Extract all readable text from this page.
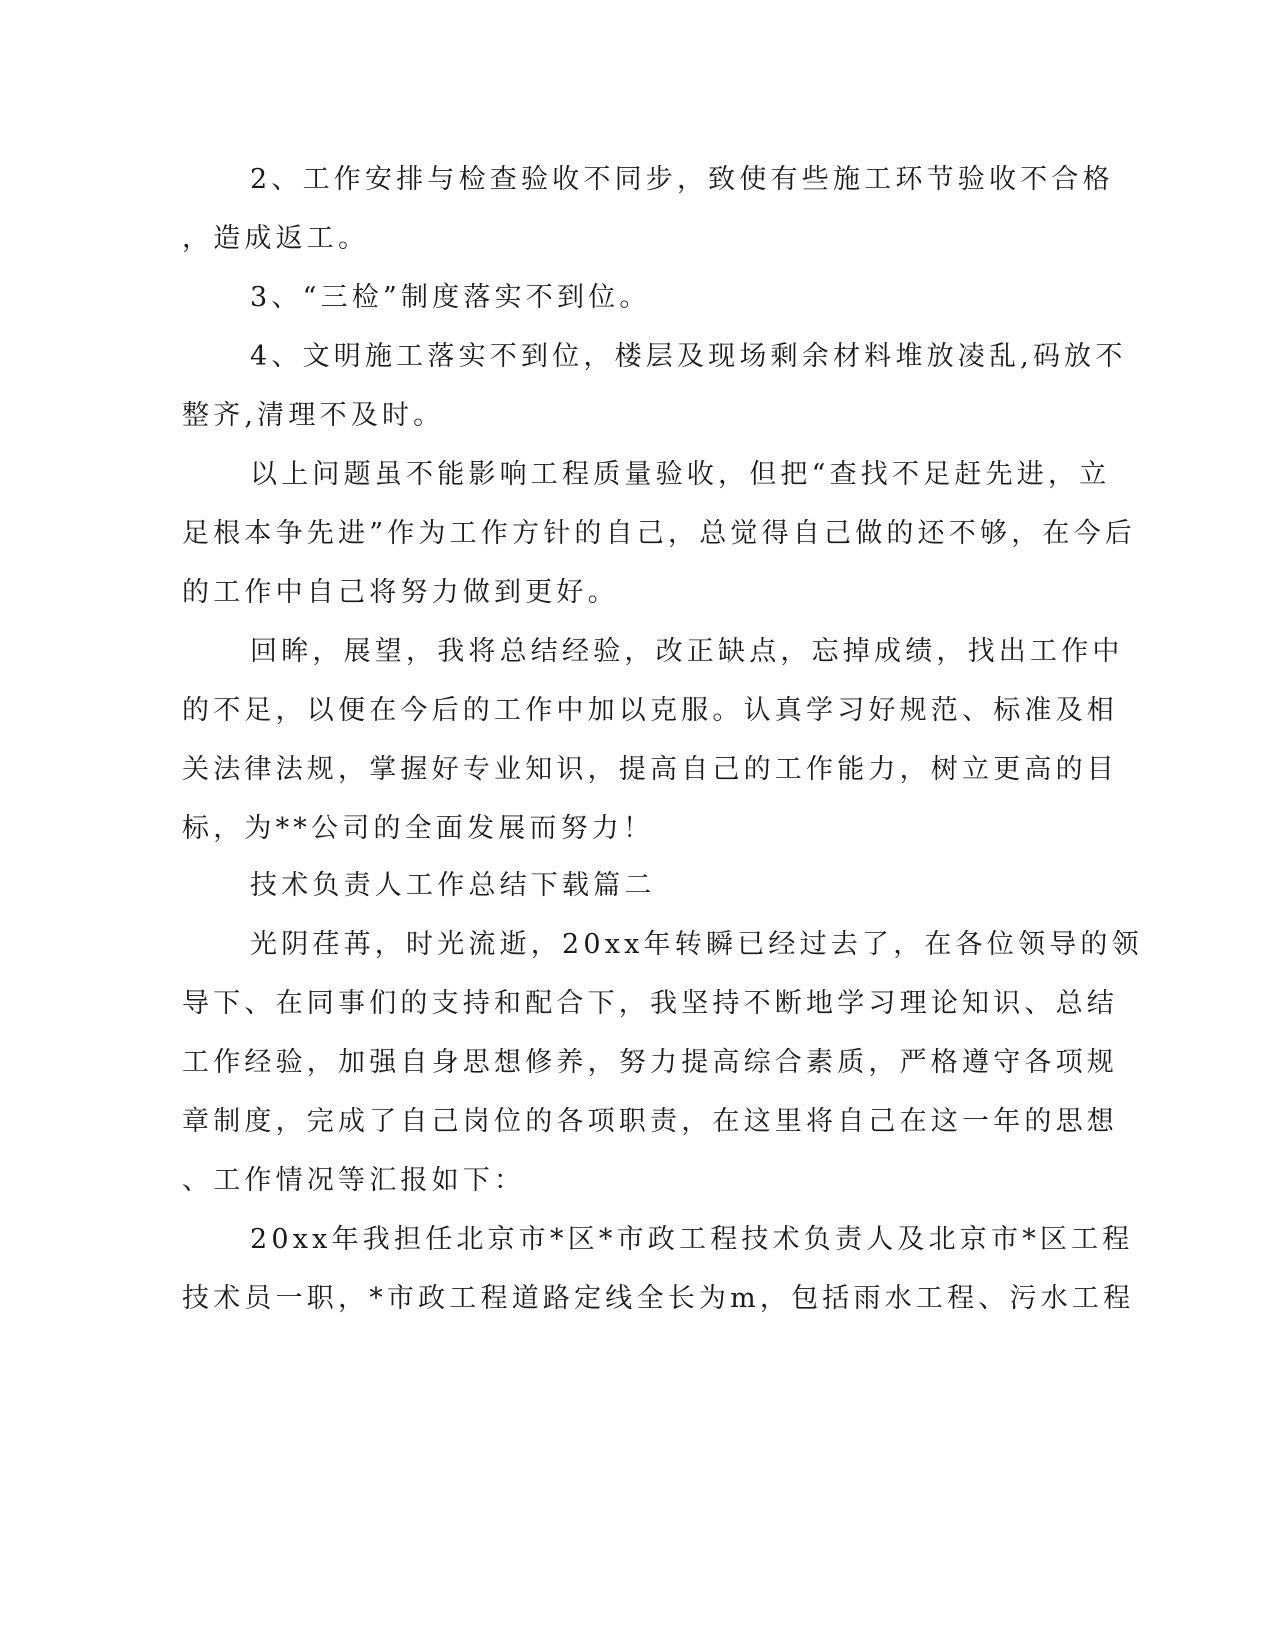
2、工作安排与检查验收不同步，致使有些施工环节验收不合格
，造成返工。
3、“三检”制度落实不到位。
4、文明施工落实不到位，楼层及现场剩余材料堆放凌乱,码放不
整齐,清理不及时。
以上问题虽不能影响工程质量验收，但把“查找不足赶先进，立
足根本争先进”作为工作方针的自己，总觉得自己做的还不够，在今后
的工作中自己将努力做到更好。
回眸，展望，我将总结经验，改正缺点，忘掉成绩，找出工作中
的不足，以便在今后的工作中加以克服。认真学习好规范、标准及相
关法律法规，掌握好专业知识，提高自己的工作能力，树立更高的目
标，为**公司的全面发展而努力！
技术负责人工作总结下载篇二
光阴荏苒，时光流逝，20xx年转瞬已经过去了，在各位领导的领
导下、在同事们的支持和配合下，我坚持不断地学习理论知识、总结
工作经验，加强自身思想修养，努力提高综合素质，严格遵守各项规
章制度，完成了自己岗位的各项职责，在这里将自己在这一年的思想
、工作情况等汇报如下：
20xx年我担任北京市*区*市政工程技术负责人及北京市*区工程
技术员一职，*市政工程道路定线全长为m，包括雨水工程、污水工程
